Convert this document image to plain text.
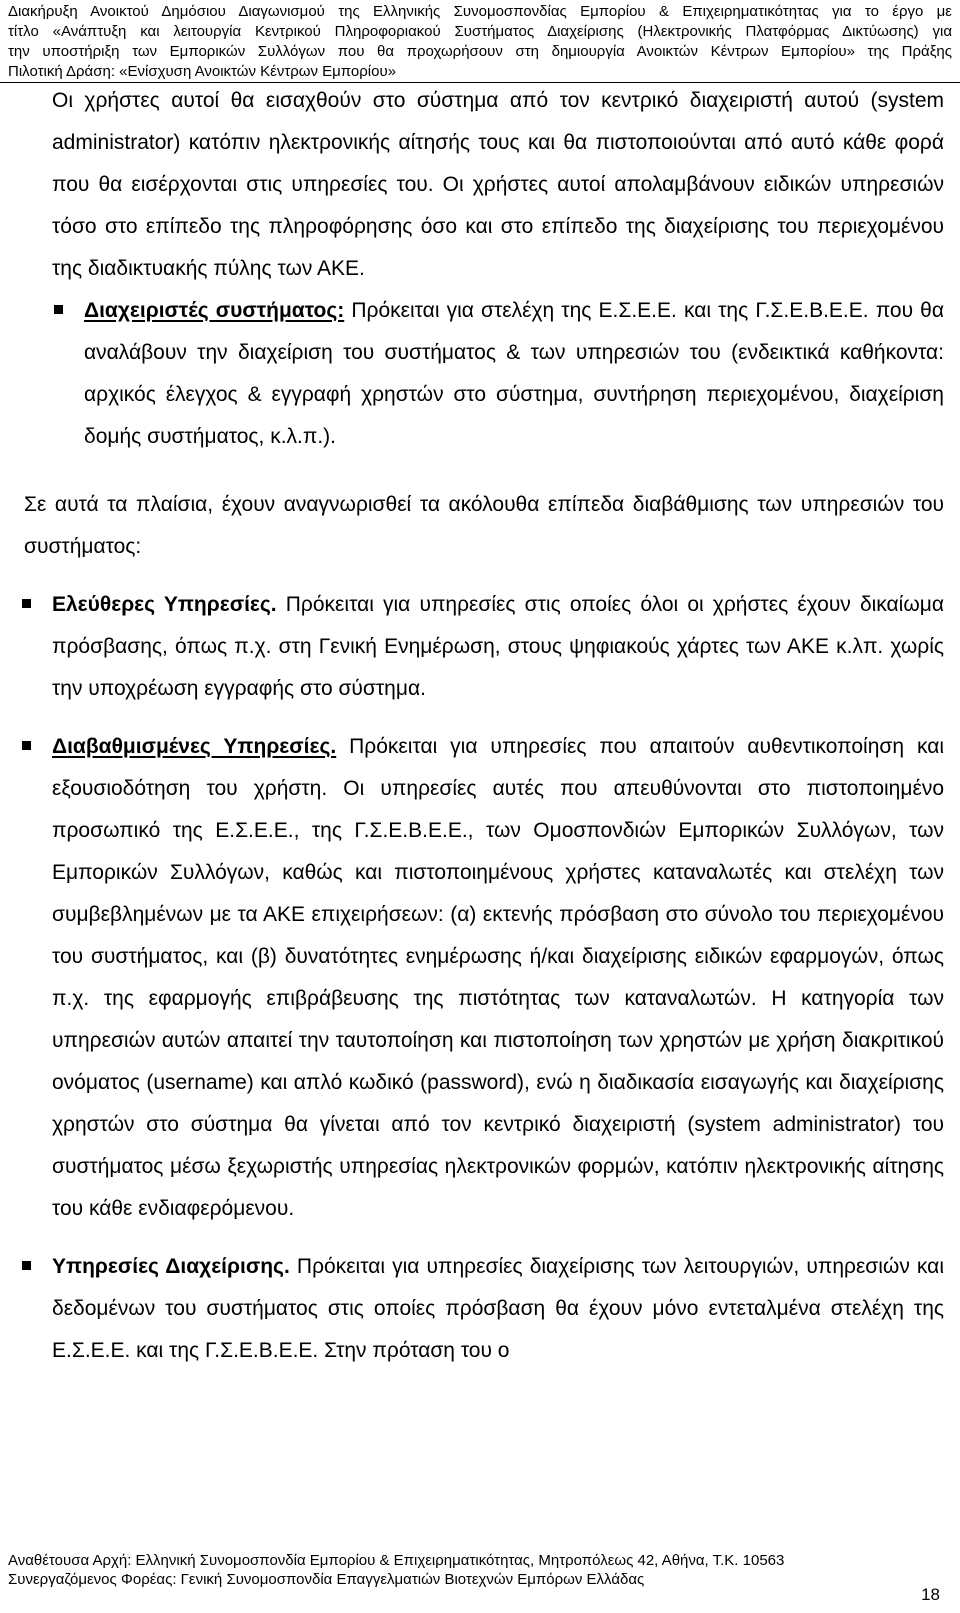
Διακήρυξη Ανοικτού Δημόσιου Διαγωνισμού της Ελληνικής Συνομοσπονδίας Εμπορίου & Επιχειρηματικότητας για το έργο με
τίτλο «Ανάπτυξη και λειτουργία Κεντρικού Πληροφοριακού Συστήματος Διαχείρισης (Ηλεκτρονικής Πλατφόρμας Δικτύωσης) για
την υποστήριξη των Εμπορικών Συλλόγων που θα προχωρήσουν στη δημιουργία Ανοικτών Κέντρων Εμπορίου» της Πράξης
Πιλοτική Δράση: «Ενίσχυση Ανοικτών Κέντρων Εμπορίου»

Οι χρήστες αυτοί θα εισαχθούν στο σύστημα από τον κεντρικό διαχειριστή αυτού (system administrator) κατόπιν ηλεκτρονικής αίτησής τους και θα πιστοποιούνται από αυτό κάθε φορά που θα εισέρχονται στις υπηρεσίες του. Οι χρήστες αυτοί απολαμβάνουν ειδικών υπηρεσιών τόσο στο επίπεδο της πληροφόρησης όσο και στο επίπεδο της διαχείρισης του περιεχομένου της διαδικτυακής πύλης των ΑΚΕ.

Διαχειριστές συστήματος: Πρόκειται για στελέχη της Ε.Σ.Ε.Ε. και της Γ.Σ.Ε.Β.Ε.Ε. που θα αναλάβουν την διαχείριση του συστήματος & των υπηρεσιών του (ενδεικτικά καθήκοντα: αρχικός έλεγχος & εγγραφή χρηστών στο σύστημα, συντήρηση περιεχομένου, διαχείριση δομής συστήματος, κ.λ.π.).

Σε αυτά τα πλαίσια, έχουν αναγνωρισθεί τα ακόλουθα επίπεδα διαβάθμισης των υπηρεσιών του συστήματος:

Ελεύθερες Υπηρεσίες. Πρόκειται για υπηρεσίες στις οποίες όλοι οι χρήστες έχουν δικαίωμα πρόσβασης, όπως π.χ. στη Γενική Ενημέρωση, στους ψηφιακούς χάρτες των ΑΚΕ κ.λπ. χωρίς την υποχρέωση εγγραφής στο σύστημα.

Διαβαθμισμένες Υπηρεσίες. Πρόκειται για υπηρεσίες που απαιτούν αυθεντικοποίηση και εξουσιοδότηση του χρήστη. Οι υπηρεσίες αυτές που απευθύνονται στο πιστοποιημένο προσωπικό της Ε.Σ.Ε.Ε., της Γ.Σ.Ε.Β.Ε.Ε., των Ομοσπονδιών Εμπορικών Συλλόγων, των Εμπορικών Συλλόγων, καθώς και πιστοποιημένους χρήστες καταναλωτές και στελέχη των συμβεβλημένων με τα ΑΚΕ επιχειρήσεων: (α) εκτενής πρόσβαση στο σύνολο του περιεχομένου του συστήματος, και (β) δυνατότητες ενημέρωσης ή/και διαχείρισης ειδικών εφαρμογών, όπως π.χ. της εφαρμογής επιβράβευσης της πιστότητας των καταναλωτών. Η κατηγορία των υπηρεσιών αυτών απαιτεί την ταυτοποίηση και πιστοποίηση των χρηστών με χρήση διακριτικού ονόματος (username) και απλό κωδικό (password), ενώ η διαδικασία εισαγωγής και διαχείρισης χρηστών στο σύστημα θα γίνεται από τον κεντρικό διαχειριστή (system administrator) του συστήματος μέσω ξεχωριστής υπηρεσίας ηλεκτρονικών φορμών, κατόπιν ηλεκτρονικής αίτησης του κάθε ενδιαφερόμενου.

Υπηρεσίες Διαχείρισης. Πρόκειται για υπηρεσίες διαχείρισης των λειτουργιών, υπηρεσιών και δεδομένων του συστήματος στις οποίες πρόσβαση θα έχουν μόνο εντεταλμένα στελέχη της Ε.Σ.Ε.Ε. και της Γ.Σ.Ε.Β.Ε.Ε. Στην πρόταση του ο

Αναθέτουσα Αρχή: Ελληνική Συνομοσπονδία Εμπορίου & Επιχειρηματικότητας, Μητροπόλεως 42, Αθήνα, Τ.Κ. 10563
Συνεργαζόμενος Φορέας: Γενική Συνομοσπονδία Επαγγελματιών Βιοτεχνών Εμπόρων Ελλάδας
18
